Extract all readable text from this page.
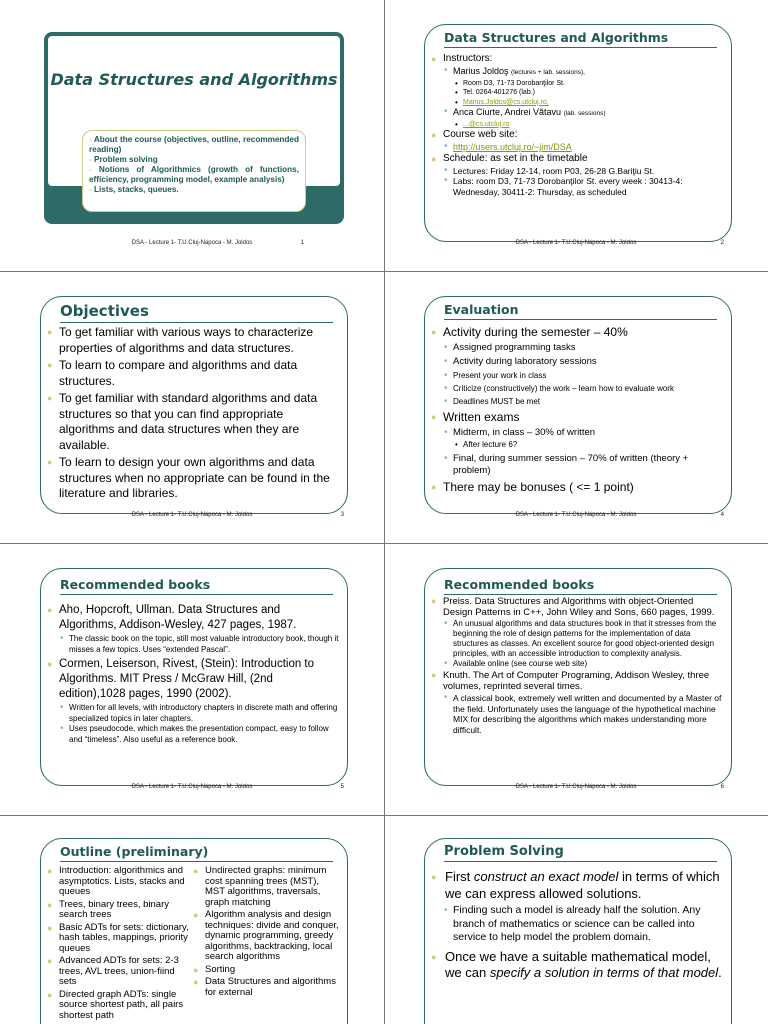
Data Structures and Algorithms
- About the course (objectives, outline, recommended reading)
- Problem solving
- Notions of Algorithmics (growth of functions, efficiency, programming model, example analysis)
- Lists, stacks, queues.
DSA - Lecture 1- T.U.Cluj-Napoca - M. Joldos	1
Data Structures and Algorithms
● Instructors:
• Marius Joldoş (lectures + lab. sessions),
• Room D3, 71-73 Dorobanţilor St.
• Tel. 0264-401276 (lab.)
• Marius.Joldos@cs.utcluj.ro,
• Anca Ciurte, Andrei Vătavu (lab. sessions)
• ...@cs.utcluj.ro
● Course web site:
• http://users.utcluj.ro/~jim/DSA
● Schedule: as set in the timetable
• Lectures: Friday 12-14, room P03, 26-28 G.Bariţiu St.
• Labs: room D3, 71-73 Dorobanţilor St. every week : 30413-4: Wednesday, 30411-2: Thursday, as scheduled
DSA - Lecture 1- T.U.Cluj-Napoca - M. Joldos	2
Objectives
● To get familiar with various ways to characterize properties of algorithms and data structures.
● To learn to compare and algorithms and data structures.
● To get familiar with standard algorithms and data structures so that you can find appropriate algorithms and data structures when they are available.
● To learn to design your own algorithms and data structures when no appropriate can be found in the literature and libraries.
DSA - Lecture 1- T.U.Cluj-Napoca - M. Joldos	3
Evaluation
● Activity during the semester – 40%
• Assigned programming tasks
• Activity during laboratory sessions
• Present your work in class
• Criticize (constructively) the work – learn how to evaluate work
• Deadlines MUST be met
● Written exams
• Midterm, in class – 30% of written
• After lecture 6?
• Final, during summer session – 70% of written (theory + problem)
● There may be bonuses ( <= 1 point)
DSA - Lecture 1- T.U.Cluj-Napoca - M. Joldos	4
Recommended books
● Aho, Hopcroft, Ullman. Data Structures and Algorithms, Addison-Wesley, 427 pages, 1987.
• The classic book on the topic, still most valuable introductory book, though it misses a few topics. Uses “extended Pascal”.
● Cormen, Leiserson, Rivest, (Stein): Introduction to Algorithms. MIT Press / McGraw Hill, (2nd edition),1028 pages, 1990 (2002).
• Written for all levels, with introductory chapters in discrete math and offering specialized topics in later chapters.
• Uses pseudocode, which makes the presentation compact, easy to follow and “timeless”. Also useful as a reference book.
DSA - Lecture 1- T.U.Cluj-Napoca - M. Joldos	5
Recommended books
● Preiss. Data Structures and Algorithms with object-Oriented Design Patterns in C++, John Wiley and Sons, 660 pages, 1999.
• An unusual algorithms and data structures book in that it stresses from the beginning the role of design patterns for the implementation of data structures as classes. An excellent source for good object-oriented design principles, with an accessible introduction to complexity analysis.
• Available online (see course web site)
● Knuth. The Art of Computer Programing, Addison Wesley, three volumes, reprinted several times.
• A classical book, extremely well written and documented by a Master of the field. Unfortunately uses the language of the hypothetical machine MIX for describing the algorithms which makes understanding more difficult.
DSA - Lecture 1- T.U.Cluj-Napoca - M. Joldos	6
Outline (preliminary)
● Introduction: algorithmics and asymptotics. Lists, stacks and queues
● Trees, binary trees, binary search trees
● Basic ADTs for sets: dictionary, hash tables, mappings, priority queues
● Advanced ADTs for sets: 2-3 trees, AVL trees, union-fiind sets
● Directed graph ADTs: single source shortest path, all pairs shortest path
● Undirected graphs: minimum cost spanning trees (MST), MST algorithms, traversals, graph matching
● Algorithm analysis and design techniques: divide and conquer, dynamic programming, greedy algorithms, backtracking, local search algorithms
● Sorting
● Data Structures and algorithms for external
Problem Solving
● First construct an exact model in terms of which we can express allowed solutions.
• Finding such a model is already half the solution. Any branch of mathematics or science can be called into service to help model the problem domain.
● Once we have a suitable mathematical model, we can specify a solution in terms of that model.
